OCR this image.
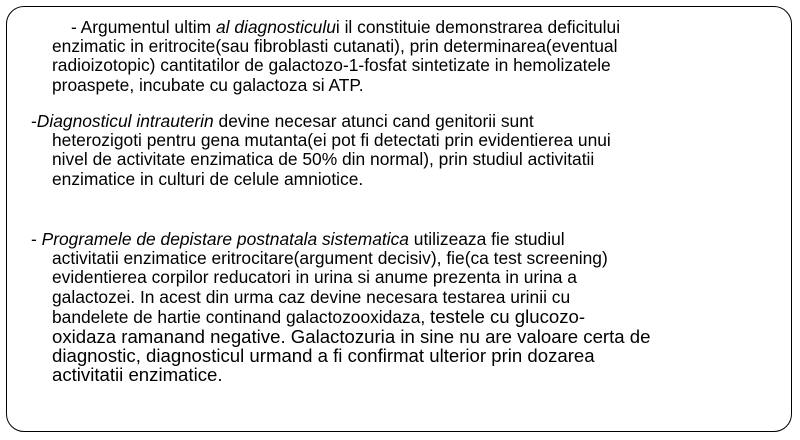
- Argumentul ultim al diagnosticului il constituie demonstrarea deficitului
enzimatic in eritrocite(sau fibroblasti cutanati), prin determinarea(eventual
radioizotopic) cantitatilor de galactozo-1-fosfat sintetizate in hemolizatele
proaspete, incubate cu galactoza si ATP.
-Diagnosticul intrauterin devine necesar atunci cand genitorii sunt
heterozigoti pentru gena mutanta(ei pot fi detectati prin evidentierea unui
nivel de activitate enzimatica de 50% din normal), prin studiul activitatii
enzimatice in culturi de celule amniotice.
- Programele de depistare postnatala sistematica utilizeaza fie studiul
activitatii enzimatice eritrocitare(argument decisiv), fie(ca test screening)
evidentierea corpilor reducatori in urina si anume prezenta in urina a
galactozei. In acest din urma caz devine necesara testarea urinii cu
bandelete de hartie continand galactozooxidaza, testele cu glucozo-
oxidaza ramanand negative. Galactozuria in sine nu are valoare certa de
diagnostic, diagnosticul urmand a fi confirmat ulterior prin dozarea
activitatii enzimatice.
